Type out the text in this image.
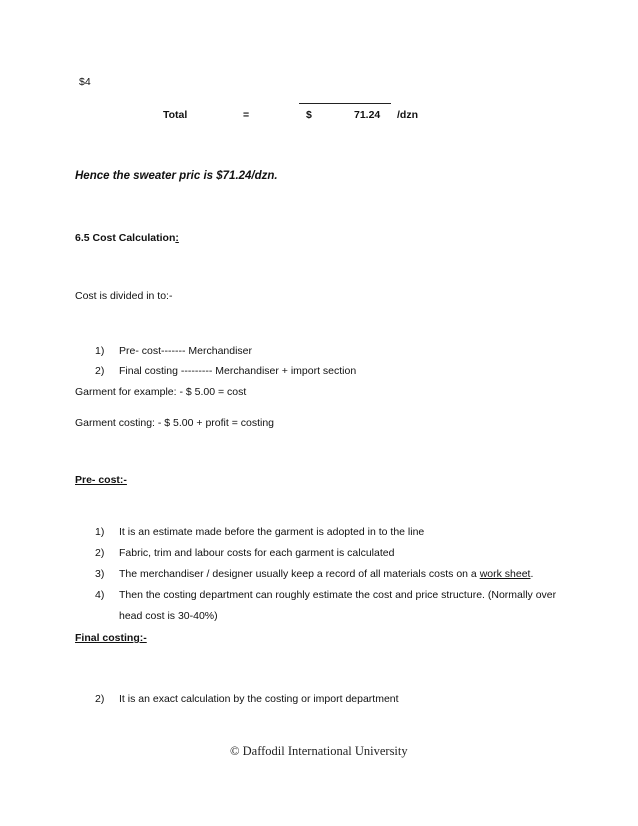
$4
Total	=	$	71.24 /dzn
Hence the sweater pric is $71.24/dzn.
6.5 Cost Calculation:
Cost is divided in to:-
1) Pre- cost------- Merchandiser
2) Final costing --------- Merchandiser + import section
Garment for example: - $ 5.00 = cost
Garment costing: - $ 5.00 + profit = costing
Pre- cost:-
1) It is an estimate made before the garment is adopted in to the line
2) Fabric, trim and labour costs for each garment is calculated
3) The merchandiser / designer usually keep a record of all materials costs on a work sheet.
4) Then the costing department can roughly estimate the cost and price structure. (Normally over
head cost is 30-40%)
Final costing:-
2) It is an exact calculation by the costing or import department
© Daffodil International University
